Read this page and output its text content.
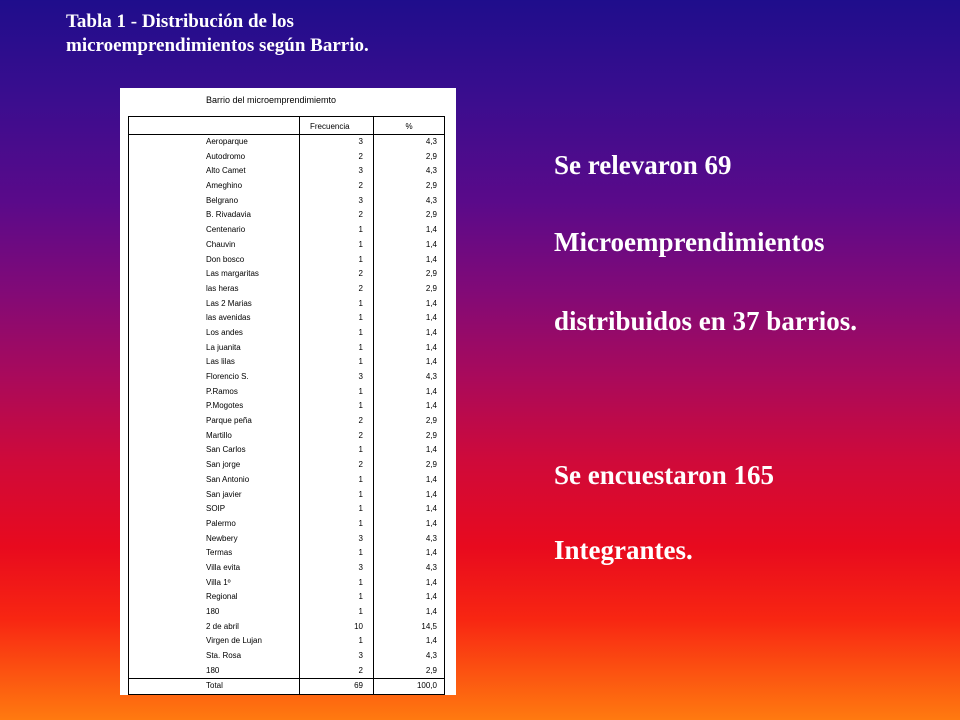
Tabla 1 - Distribución de los
microemprendimientos según Barrio.
Barrio del microemprendimiemto
Frecuencia	%
Aeroparque
Autodromo
Alto Camet
Ameghino
Belgrano
B. Rivadavia
Centenario
Chauvin
Don bosco
Las margaritas
las heras
Las 2 Marias
las avenidas
Los andes
La juanita
Las lilas
Florencio S.
P.Ramos
P.Mogotes
Parque peña
Martillo
San Carlos
San jorge
San Antonio
San javier
SOIP
Palermo
Newbery
Termas
Villa evita
Villa 1º
Regional
180
2 de abril
Virgen de Lujan
Sta. Rosa
180
Total
3
2
3
2
3
2
1
1
1
2
2
1
1
1
1
1
3
1
1
2
2
1
2
1
1
1
1
3
1
3
1
1
1
10
1
3
2
69
4,3
2,9
4,3
2,9
4,3
2,9
1,4
1,4
1,4
2,9
2,9
1,4
1,4
1,4
1,4
1,4
4,3
1,4
1,4
2,9
2,9
1,4
2,9
1,4
1,4
1,4
1,4
4,3
1,4
4,3
1,4
1,4
1,4
14,5
1,4
4,3
2,9
100,0
Se relevaron 69
Microemprendimientos
distribuidos en 37 barrios.
Se encuestaron 165
Integrantes.
